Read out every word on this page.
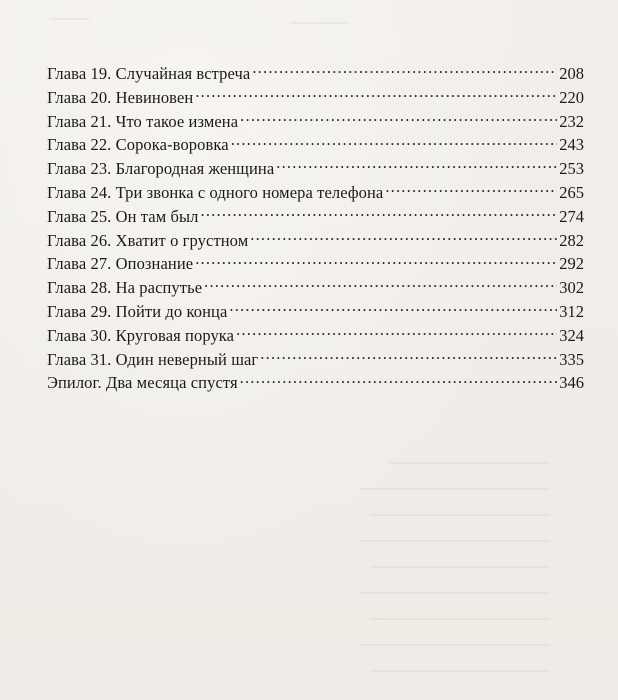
Глава 19. Случайная встреча .....	208
Глава 20. Невиновен .....	220
Глава 21. Что такое измена .....	232
Глава 22. Сорока-воровка .....	243
Глава 23. Благородная женщина .....	253
Глава 24. Три звонка с одного номера телефона .....	265
Глава 25. Он там был .....	274
Глава 26. Хватит о грустном .....	282
Глава 27. Опознание .....	292
Глава 28. На распутье .....	302
Глава 29. Пойти до конца .....	312
Глава 30. Круговая порука .....	324
Глава 31. Один неверный шаг .....	335
Эпилог. Два месяца спустя .....	346
